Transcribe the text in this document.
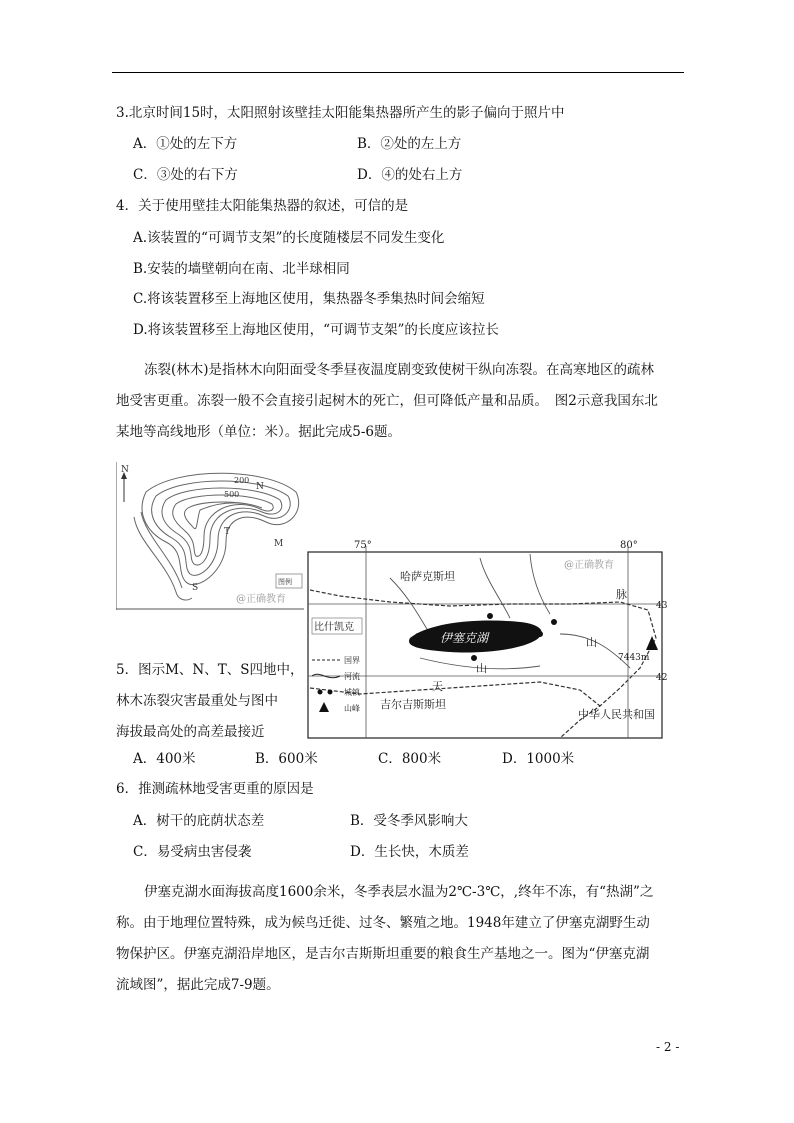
3.北京时间15时，太阳照射该壁挂太阳能集热器所产生的影子偏向于照片中
A．①处的左下方	B．②处的左上方
C．③处的右下方	D．④的处右上方
4．关于使用壁挂太阳能集热器的叙述，可信的是
A.该装置的“可调节支架”的长度随楼层不同发生变化
B.安装的墙壁朝向在南、北半球相同
C.将该装置移至上海地区使用，集热器冬季集热时间会缩短
D.将该装置移至上海地区使用，“可调节支架”的长度应该拉长
冻裂(林木)是指林木向阳面受冬季昼夜温度剧变致使树干纵向冻裂。在高寒地区的疏林地受害更重。冻裂一般不会直接引起树木的死亡，但可降低产量和品质。　图2示意我国东北某地等高线地形（单位：米）。据此完成5-6题。
N
200
500
N
T
S
M
图例
@正确教育
75°	80°
43
42
伊塞克湖
7443m
哈萨克斯坦
比什凯克
山
山
天
脉
吉尔吉斯斯坦
中华人民共和国
@正确教育
国界
河流
城镇
山峰
5．图示M、N、T、S四地中，
林木冻裂灾害最重处与图中
海拔最高处的高差最接近
A．400米	B．600米	C．800米	D．1000米
6．推测疏林地受害更重的原因是
A．树干的庇荫状态差	B．受冬季风影响大
C．易受病虫害侵袭	D．生长快，木质差
伊塞克湖水面海拔高度1600余米，冬季表层水温为2℃-3℃，,终年不冻，有“热湖”之称。由于地理位置特殊，成为候鸟迁徙、过冬、繁殖之地。1948年建立了伊塞克湖野生动物保护区。伊塞克湖沿岸地区，是吉尔吉斯斯坦重要的粮食生产基地之一。图为“伊塞克湖流域图”，据此完成7-9题。
- 2 -
